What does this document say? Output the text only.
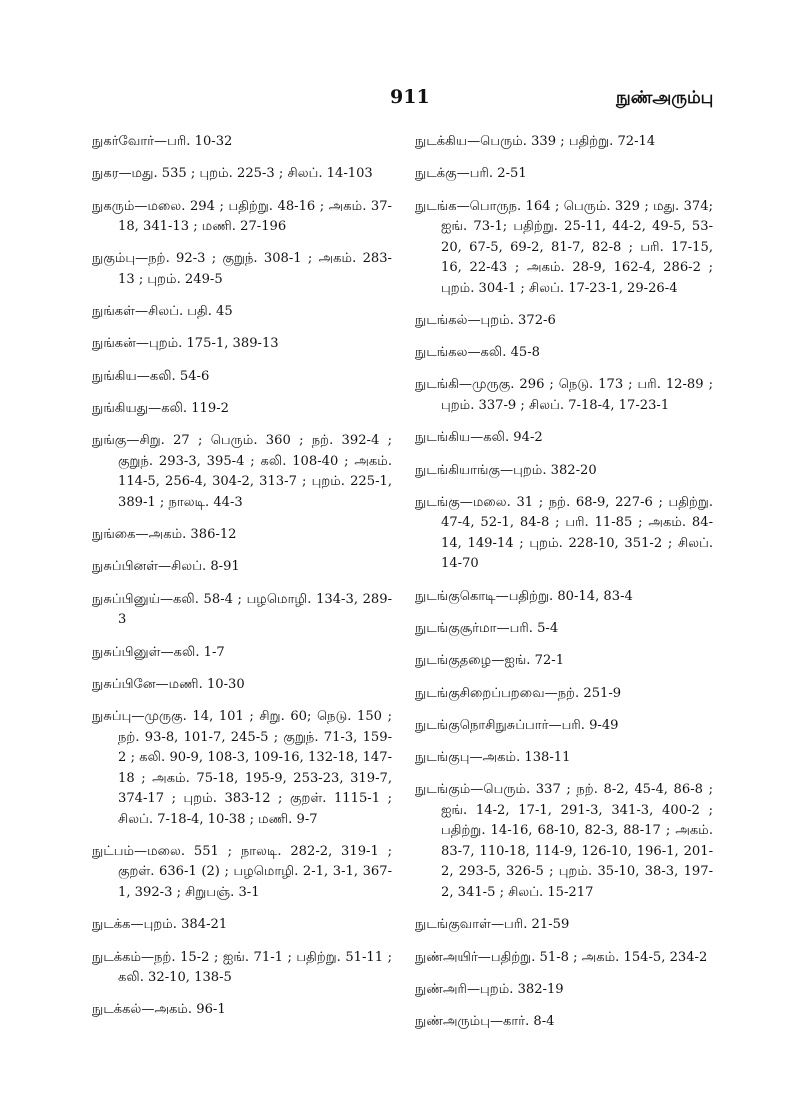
911	நுண்அரும்பு

நுகர்வோர்—பரி. 10-32

நுகர—மது. 535 ; புறம். 225-3 ; சிலப். 14-103

நுகரும்—மலை. 294 ; பதிற்று. 48-16 ; அகம். 37-18, 341-13 ; மணி. 27-196

நுகும்பு—நற். 92-3 ; குறுந். 308-1 ; அகம். 283-13 ; புறம். 249-5

நுங்கள்—சிலப். பதி. 45

நுங்கன்—புறம். 175-1, 389-13

நுங்கிய—கலி. 54-6

நுங்கியது—கலி. 119-2

நுங்கு—சிறு. 27 ; பெரும். 360 ; நற். 392-4 ; குறுந். 293-3, 395-4 ; கலி. 108-40 ; அகம். 114-5, 256-4, 304-2, 313-7 ; புறம். 225-1, 389-1 ; நாலடி. 44-3

நுங்கை—அகம். 386-12

நுசுப்பினள்—சிலப். 8-91

நுசுப்பினுய்—கலி. 58-4 ; பழமொழி. 134-3, 289-3

நுசுப்பினுள்—கலி. 1-7

நுசுப்பினே—மணி. 10-30

நுசுப்பு—முருகு. 14, 101 ; சிறு. 60; நெடு. 150 ; நற். 93-8, 101-7, 245-5 ; குறுந். 71-3, 159-2 ; கலி. 90-9, 108-3, 109-16, 132-18, 147-18 ; அகம். 75-18, 195-9, 253-23, 319-7, 374-17 ; புறம். 383-12 ; குறள். 1115-1 ; சிலப். 7-18-4, 10-38 ; மணி. 9-7

நுட்பம்—மலை. 551 ; நாலடி. 282-2, 319-1 ; குறள். 636-1 (2) ; பழமொழி. 2-1, 3-1, 367-1, 392-3 ; சிறுபஞ். 3-1

நுடக்க—புறம். 384-21

நுடக்கம்—நற். 15-2 ; ஐங். 71-1 ; பதிற்று. 51-11 ; கலி. 32-10, 138-5

நுடக்கல்—அகம். 96-1

நுடக்கிய—பெரும். 339 ; பதிற்று. 72-14

நுடக்கு—பரி. 2-51

நுடங்க—பொருந. 164 ; பெரும். 329 ; மது. 374; ஐங். 73-1; பதிற்று. 25-11, 44-2, 49-5, 53-20, 67-5, 69-2, 81-7, 82-8 ; பரி. 17-15, 16, 22-43 ; அகம். 28-9, 162-4, 286-2 ; புறம். 304-1 ; சிலப். 17-23-1, 29-26-4

நுடங்கல்—புறம். 372-6

நுடங்கல—கலி. 45-8

நுடங்கி—முருகு. 296 ; நெடு. 173 ; பரி. 12-89 ; புறம். 337-9 ; சிலப். 7-18-4, 17-23-1

நுடங்கிய—கலி. 94-2

நுடங்கியாங்கு—புறம். 382-20

நுடங்கு—மலை. 31 ; நற். 68-9, 227-6 ; பதிற்று. 47-4, 52-1, 84-8 ; பரி. 11-85 ; அகம். 84-14, 149-14 ; புறம். 228-10, 351-2 ; சிலப். 14-70

நுடங்குகொடி—பதிற்று. 80-14, 83-4

நுடங்குசூர்மா—பரி. 5-4

நுடங்குதழை—ஐங். 72-1

நுடங்குசிறைப்பறவை—நற். 251-9

நுடங்குநொசிநுசுப்பார்—பரி. 9-49

நுடங்குபு—அகம். 138-11

நுடங்கும்—பெரும். 337 ; நற். 8-2, 45-4, 86-8 ; ஐங். 14-2, 17-1, 291-3, 341-3, 400-2 ; பதிற்று. 14-16, 68-10, 82-3, 88-17 ; அகம். 83-7, 110-18, 114-9, 126-10, 196-1, 201-2, 293-5, 326-5 ; புறம். 35-10, 38-3, 197-2, 341-5 ; சிலப். 15-217

நுடங்குவாள்—பரி. 21-59

நுண்அயிர்—பதிற்று. 51-8 ; அகம். 154-5, 234-2

நுண்அரி—புறம். 382-19

நுண்அரும்பு—கார். 8-4
